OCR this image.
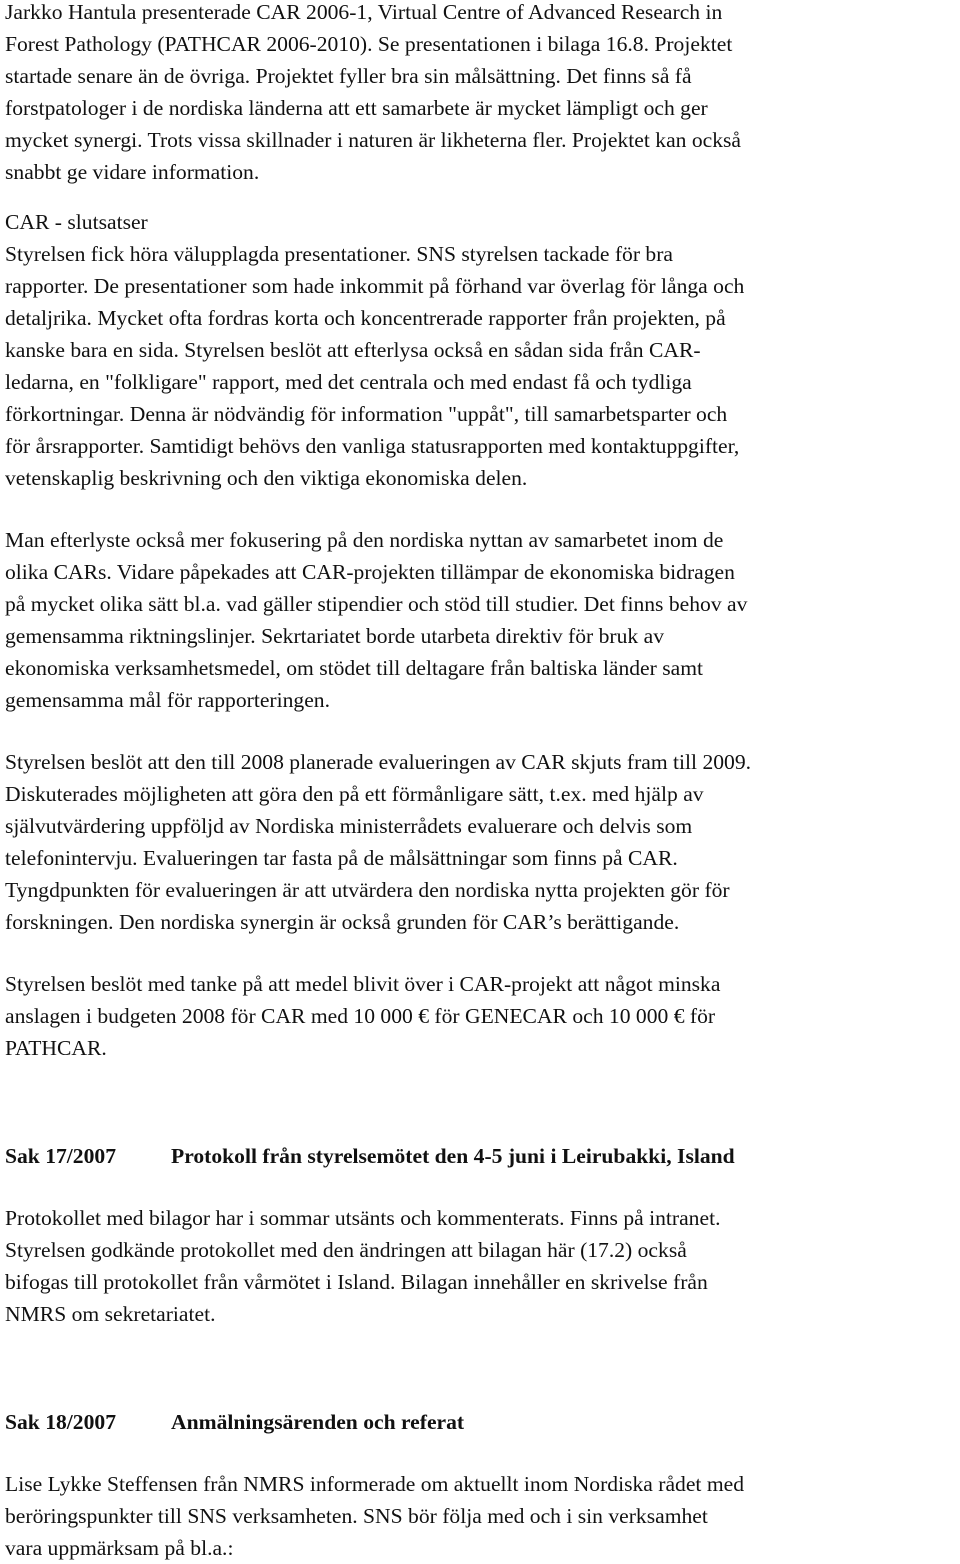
Jarkko Hantula presenterade CAR 2006-1, Virtual Centre of Advanced Research in
Forest Pathology (PATHCAR 2006-2010). Se presentationen i bilaga 16.8. Projektet
startade senare än de övriga. Projektet fyller bra sin målsättning. Det finns så få
forstpatologer i de nordiska länderna att ett samarbete är mycket lämpligt och ger
mycket synergi. Trots vissa skillnader i naturen är likheterna fler. Projektet kan också
snabbt ge vidare information.

CAR - slutsatser

Styrelsen fick höra välupplagda presentationer. SNS styrelsen tackade för bra
rapporter. De presentationer som hade inkommit på förhand var överlag för långa och
detaljrika. Mycket ofta fordras korta och koncentrerade rapporter från projekten, på
kanske bara en sida. Styrelsen beslöt att efterlysa också en sådan sida från CAR-
ledarna, en "folkligare" rapport, med det centrala och med endast få och tydliga
förkortningar. Denna är nödvändig för information "uppåt", till samarbetsparter och
för årsrapporter. Samtidigt behövs den vanliga statusrapporten med kontaktuppgifter,
vetenskaplig beskrivning och den viktiga ekonomiska delen.

Man efterlyste också mer fokusering på den nordiska nyttan av samarbetet inom de
olika CARs. Vidare påpekades att CAR-projekten tillämpar de ekonomiska bidragen
på mycket olika sätt bl.a. vad gäller stipendier och stöd till studier. Det finns behov av
gemensamma riktningslinjer. Sekrtariatet borde utarbeta direktiv för bruk av
ekonomiska verksamhetsmedel, om stödet till deltagare från baltiska länder samt
gemensamma mål för rapporteringen.

Styrelsen beslöt att den till 2008 planerade evalueringen av CAR skjuts fram till 2009.
Diskuterades möjligheten att göra den på ett förmånligare sätt, t.ex. med hjälp av
självutvärdering uppföljd av Nordiska ministerrådets evaluerare och delvis som
telefonintervju. Evalueringen tar fasta på de målsättningar som finns på CAR.
Tyngdpunkten för evalueringen är att utvärdera den nordiska nytta projekten gör för
forskningen. Den nordiska synergin är också grunden för CAR’s berättigande.

Styrelsen beslöt med tanke på att medel blivit över i CAR-projekt att något minska
anslagen i budgeten 2008 för CAR med 10 000 € för GENECAR och 10 000 € för
PATHCAR.

Sak 17/2007	Protokoll från styrelsemötet den 4-5 juni i Leirubakki, Island

Protokollet med bilagor har i sommar utsänts och kommenterats. Finns på intranet.
Styrelsen godkände protokollet med den ändringen att bilagan här (17.2) också
bifogas till protokollet från vårmötet i Island. Bilagan innehåller en skrivelse från
NMRS om sekretariatet.

Sak 18/2007	Anmälningsärenden och referat

Lise Lykke Steffensen från NMRS informerade om aktuellt inom Nordiska rådet med
beröringspunkter till SNS verksamheten. SNS bör följa med och i sin verksamhet
vara uppmärksam på bl.a.:
